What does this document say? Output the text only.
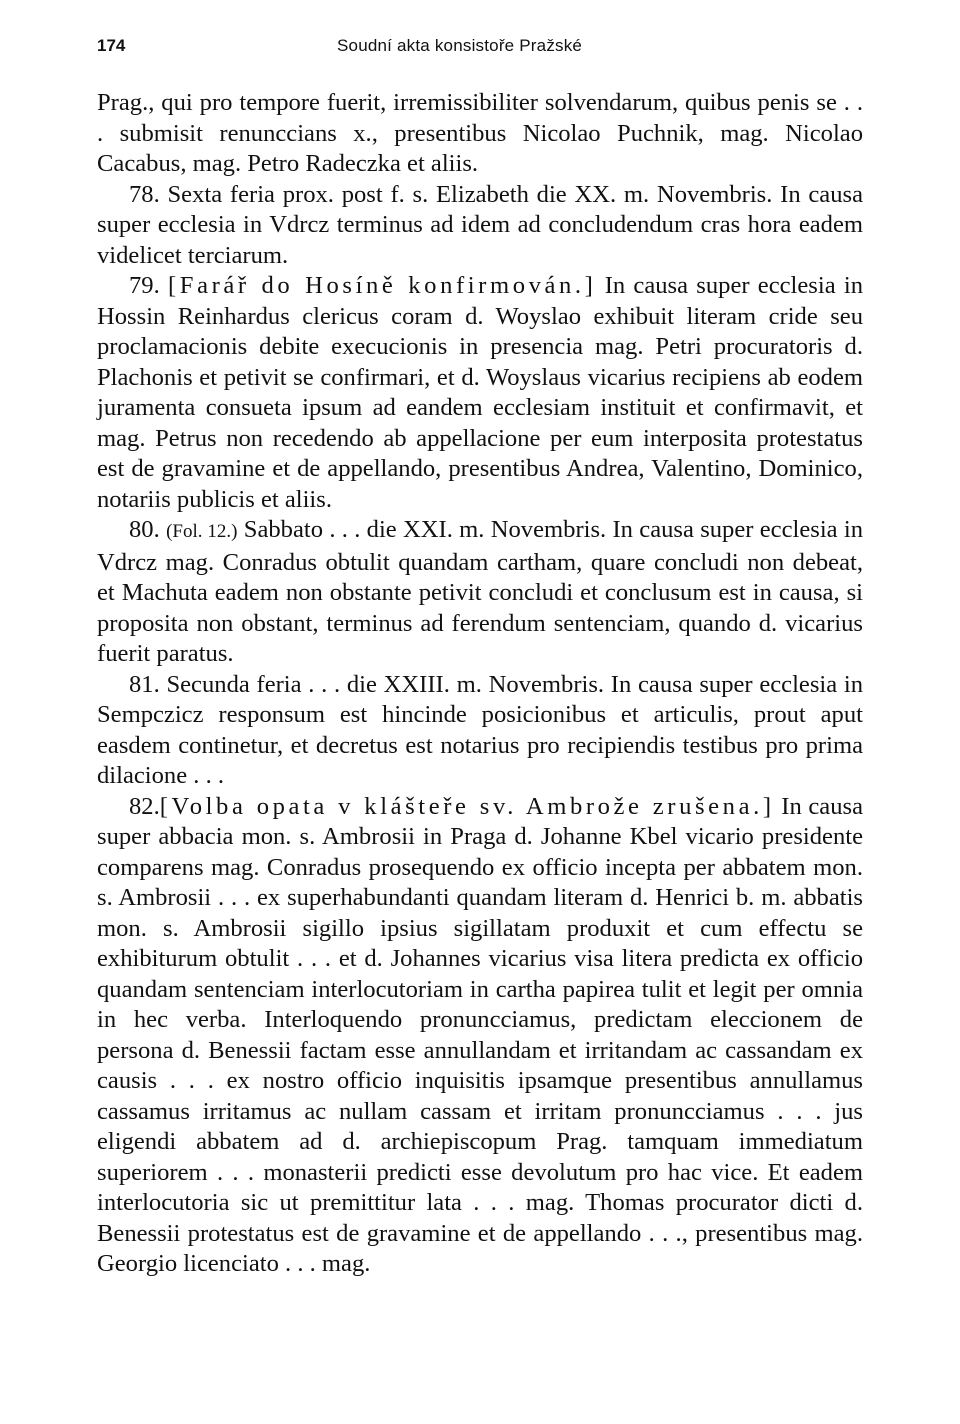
174	Soudní akta konsistoře Pražské

Prag., qui pro tempore fuerit, irremissibiliter solvendarum, quibus penis se . . . submisit renunccians x., presentibus Nicolao Puchnik, mag. Nicolao Cacabus, mag. Petro Radeczka et aliis.

78. Sexta feria prox. post f. s. Elizabeth die XX. m. Novembris. In causa super ecclesia in Vdrcz terminus ad idem ad concludendum cras hora eadem videlicet terciarum.

79. [Farář do Hosíně konfirmován.] In causa super ecclesia in Hossin Reinhardus clericus coram d. Woyslao exhibuit literam cride seu proclamacionis debite execucionis in presencia mag. Petri procuratoris d. Plachonis et petivit se confirmari, et d. Woyslaus vicarius recipiens ab eodem juramenta consueta ipsum ad eandem ecclesiam instituit et confirmavit, et mag. Petrus non recedendo ab appellacione per eum interposita protestatus est de gravamine et de appellando, presentibus Andrea, Valentino, Dominico, notariis publicis et aliis.

80. (Fol. 12.) Sabbato . . . die XXI. m. Novembris. In causa super ecclesia in Vdrcz mag. Conradus obtulit quandam cartham, quare concludi non debeat, et Machuta eadem non obstante petivit concludi et conclusum est in causa, si proposita non obstant, terminus ad ferendum sentenciam, quando d. vicarius fuerit paratus.

81. Secunda feria . . . die XXIII. m. Novembris. In causa super ecclesia in Sempczicz responsum est hincinde posicionibus et articulis, prout aput easdem continetur, et decretus est notarius pro recipiendis testibus pro prima dilacione . . .

82.[Volba opata v klášteře sv. Ambrože zrušena.] In causa super abbacia mon. s. Ambrosii in Praga d. Johanne Kbel vicario presidente comparens mag. Conradus prosequendo ex officio incepta per abbatem mon. s. Ambrosii . . . ex superhabundanti quandam literam d. Henrici b. m. abbatis mon. s. Ambrosii sigillo ipsius sigillatam produxit et cum effectu se exhibiturum obtulit . . . et d. Johannes vicarius visa litera predicta ex officio quandam sentenciam interlocutoriam in cartha papirea tulit et legit per omnia in hec verba. Interloquendo pronuncciamus, predictam eleccionem de persona d. Benessii factam esse annullandam et irritandam ac cassandam ex causis . . . ex nostro officio inquisitis ipsamque presentibus annullamus cassamus irritamus ac nullam cassam et irritam pronuncciamus . . . jus eligendi abbatem ad d. archiepiscopum Prag. tamquam immediatum superiorem . . . monasterii predicti esse devolutum pro hac vice. Et eadem interlocutoria sic ut premittitur lata . . . mag. Thomas procurator dicti d. Benessii protestatus est de gravamine et de appellando . . ., presentibus mag. Georgio licenciato . . . mag.
